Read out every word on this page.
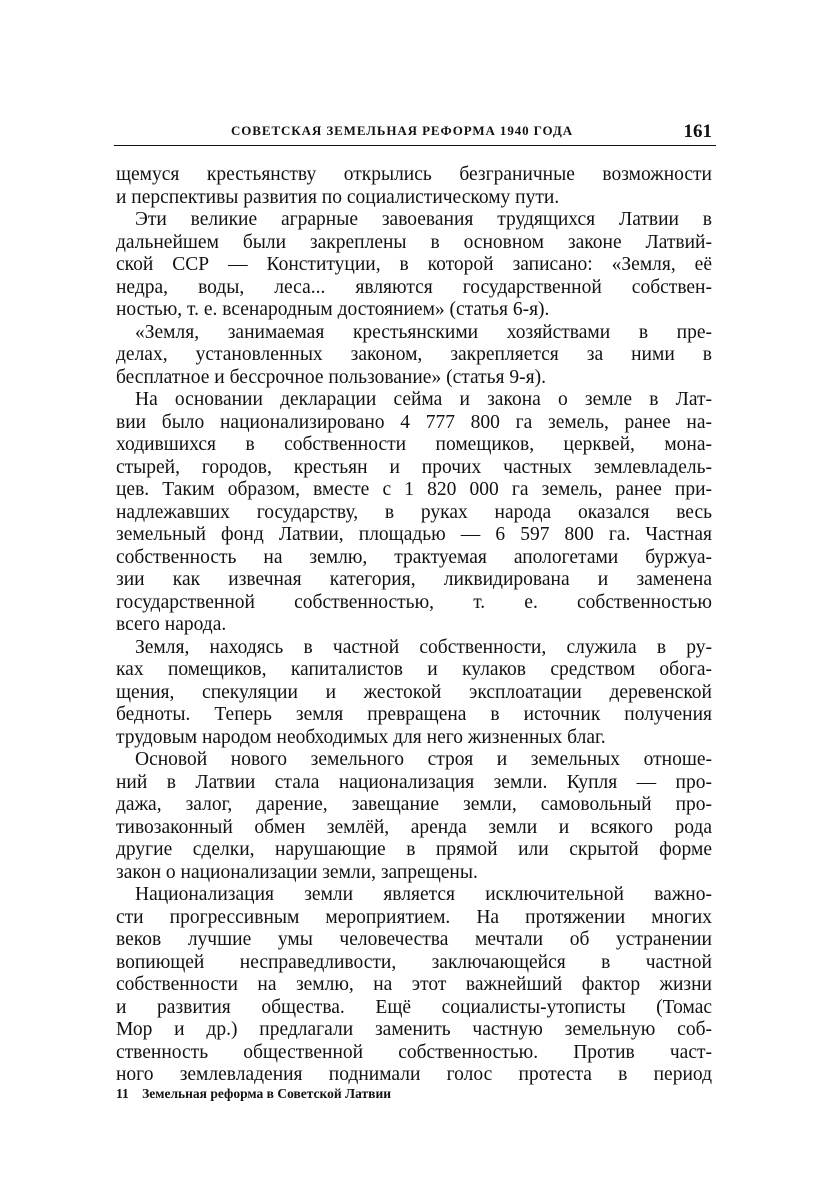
СОВЕТСКАЯ ЗЕМЕЛЬНАЯ РЕФОРМА 1940 ГОДА	161
щемуся крестьянству открылись безграничные возможности
и перспективы развития по социалистическому пути.
Эти великие аграрные завоевания трудящихся Латвии в
дальнейшем были закреплены в основном законе Латвий-
ской ССР — Конституции, в которой записано: «Земля, её
недра, воды, леса... являются государственной собствен-
ностью, т. е. всенародным достоянием» (статья 6-я).
«Земля, занимаемая крестьянскими хозяйствами в пре-
делах, установленных законом, закрепляется за ними в
бесплатное и бессрочное пользование» (статья 9-я).
На основании декларации сейма и закона о земле в Лат-
вии было национализировано 4 777 800 га земель, ранее на-
ходившихся в собственности помещиков, церквей, мона-
стырей, городов, крестьян и прочих частных землевладель-
цев. Таким образом, вместе с 1 820 000 га земель, ранее при-
надлежавших государству, в руках народа оказался весь
земельный фонд Латвии, площадью — 6 597 800 га. Частная
собственность на землю, трактуемая апологетами буржуа-
зии как извечная категория, ликвидирована и заменена
государственной собственностью, т. е. собственностью
всего народа.
Земля, находясь в частной собственности, служила в ру-
ках помещиков, капиталистов и кулаков средством обога-
щения, спекуляции и жестокой эксплоатации деревенской
бедноты. Теперь земля превращена в источник получения
трудовым народом необходимых для него жизненных благ.
Основой нового земельного строя и земельных отноше-
ний в Латвии стала национализация земли. Купля — про-
дажа, залог, дарение, завещание земли, самовольный про-
тивозаконный обмен землёй, аренда земли и всякого рода
другие сделки, нарушающие в прямой или скрытой форме
закон о национализации земли, запрещены.
Национализация земли является исключительной важно-
сти прогрессивным мероприятием. На протяжении многих
веков лучшие умы человечества мечтали об устранении
вопиющей несправедливости, заключающейся в частной
собственности на землю, на этот важнейший фактор жизни
и развития общества. Ещё социалисты-утописты (Томас
Мор и др.) предлагали заменить частную земельную соб-
ственность общественной собственностью. Против част-
ного землевладения поднимали голос протеста в период
11 Земельная реформа в Советской Латвии
